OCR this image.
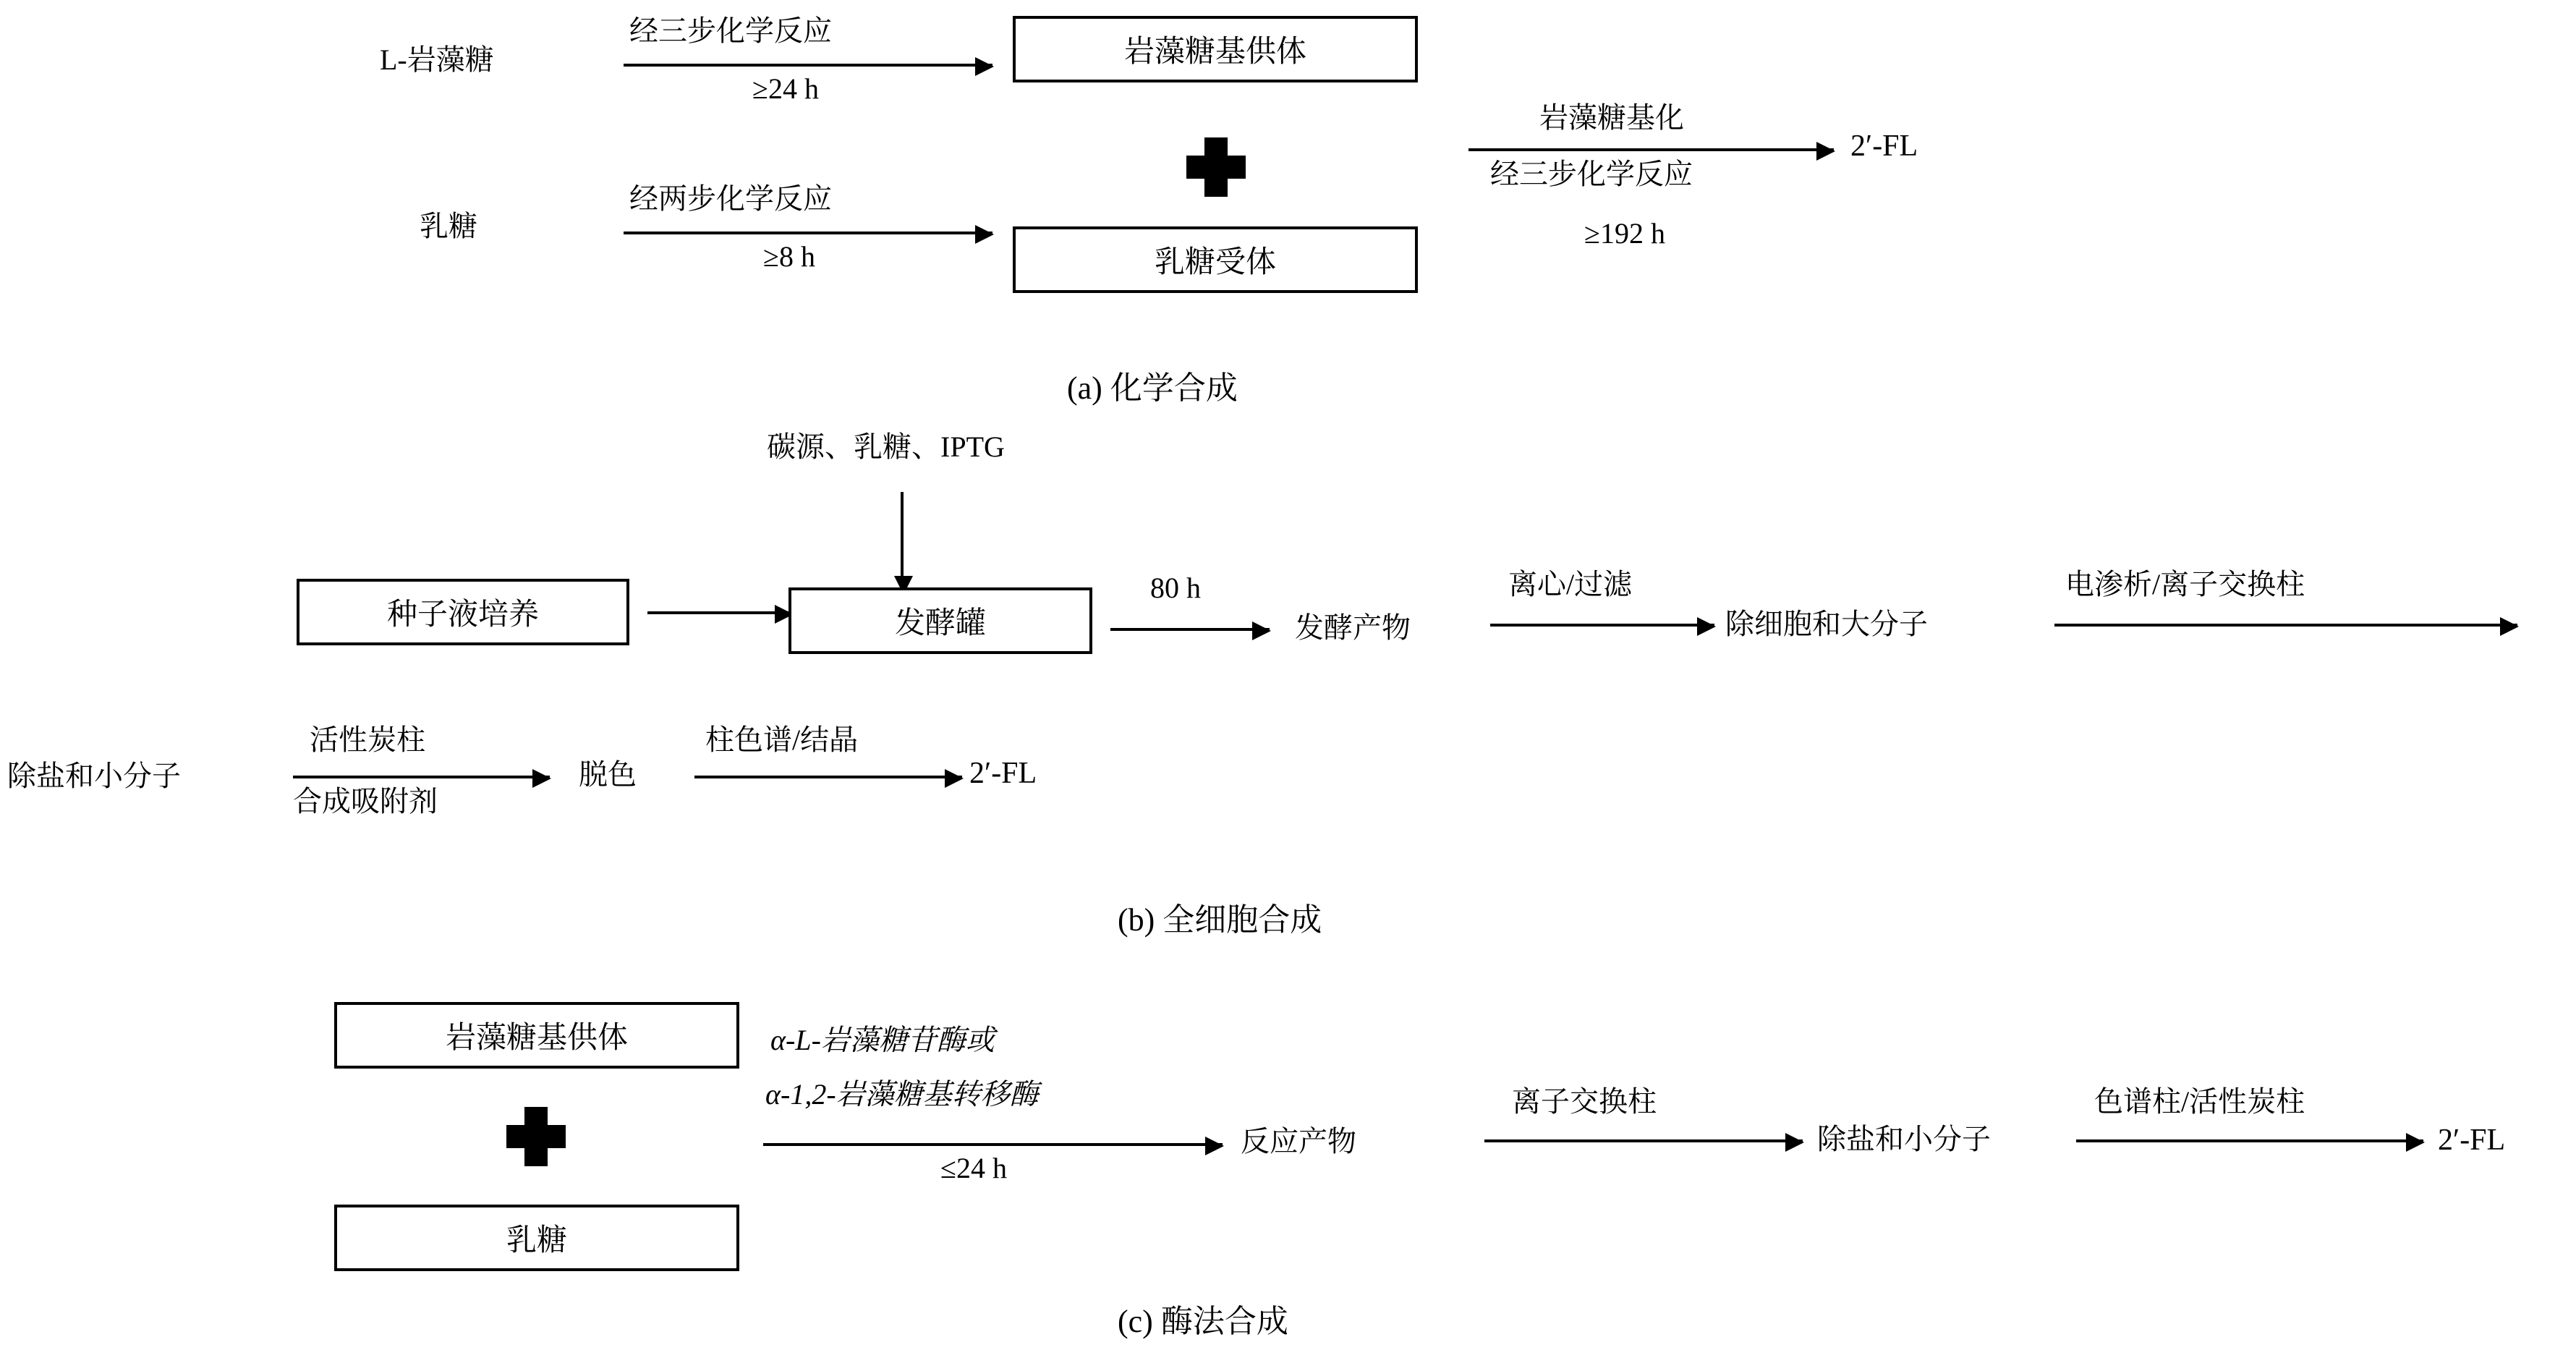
L-岩藻糖
经三步化学反应
≥24 h
岩藻糖基供体
乳糖
经两步化学反应
≥8 h	乳糖受体
岩藻糖基化
经三步化学反应
≥192 h
2′-FL
(a) 化学合成
碳源、乳糖、IPTG
种子液培养	发酵罐
80 h
发酵产物
离心/过滤
除细胞和大分子
电渗析/离子交换柱
除盐和小分子
活性炭柱
合成吸附剂
脱色
柱色谱/结晶
2′-FL
(b) 全细胞合成
岩藻糖基供体
乳糖
α-L-岩藻糖苷酶或
α-1,2-岩藻糖基转移酶
≤24 h
反应产物
离子交换柱
除盐和小分子
色谱柱/活性炭柱
2′-FL
(c) 酶法合成
